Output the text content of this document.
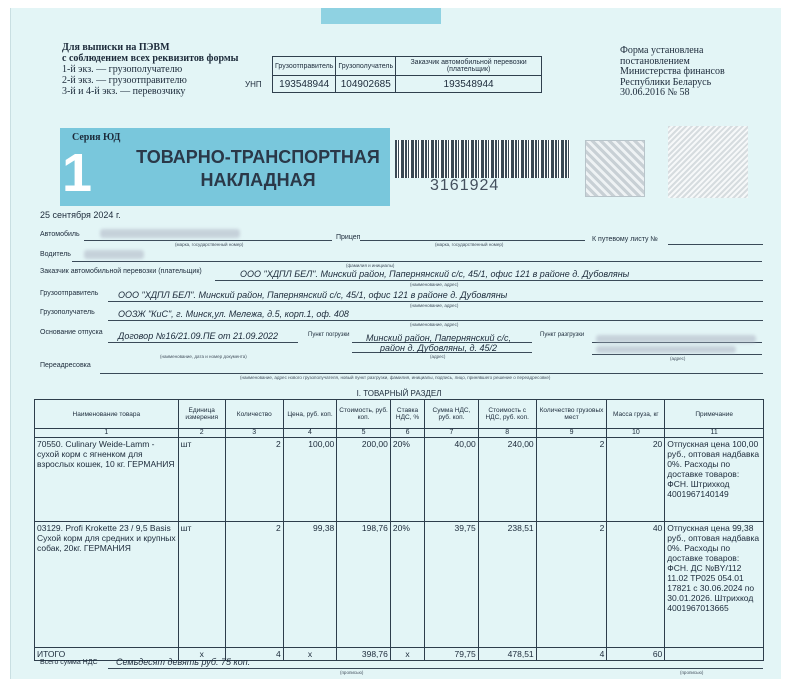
Для выписки на ПЭВМ
с соблюдением всех реквизитов формы
1-й экз. — грузополучателю
2-й экз. — грузоотправителю
3-й и 4-й экз. — перевозчику
УНП
Грузоотправитель	Грузополучатель	Заказчик автомобильной перевозки (плательщик)
193548944	104902685	193548944
Форма установлена
постановлением
Министерства финансов
Республики Беларусь
30.06.2016 № 58
Серия ЮД
1	ТОВАРНО-ТРАНСПОРТНАЯ
НАКЛАДНАЯ	3161924
25 сентября 2024 г.
Автомобиль
(марка, государственный номер)
Прицеп
(марка, государственный номер)
К путевому листу №
Водитель
(фамилия и инициалы)
Заказчик автомобильной перевозки (плательщик)	ООО "ХДПЛ БЕЛ". Минский район, Папернянский с/с, 45/1, офис 121 в районе д. Дубовляны
(наименование, адрес)
Грузоотправитель ООО "ХДПЛ БЕЛ". Минский район, Папернянский с/с, 45/1, офис 121 в районе д. Дубовляны
(наименование, адрес)
Грузополучатель	ООЗЖ "КиС", г. Минск,ул. Мележа, д.5, корп.1, оф. 408
(наименование, адрес)
Основание отпуска Договор №16/21.09.ПЕ от 21.09.2022
(наименование, дата и номер документа)
Пункт погрузки Минский район, Папернянский с/с,
район д. Дубовляны, д. 45/2
(адрес)
Пункт разгрузки
(адрес)
Переадресовка
(наименование, адрес нового грузополучателя, новый пункт разгрузки, фамилия, инициалы, подпись, лицо, принявшего решение о переадресовке)
I. ТОВАРНЫЙ РАЗДЕЛ
Наименование товара	Единица измерения	Количество	Цена, руб. коп.	Стоимость, руб. коп.	Ставка НДС, %	Сумма НДС, руб. коп.	Стоимость с НДС, руб. коп.	Количество грузовых мест	Масса груза, кг	Примечание
1	2	3	4	5	6	7	8	9	10	11
70550. Culinary Weide-Lamm - сухой корм с ягненком для взрослых кошек, 10 кг. ГЕРМАНИЯ	шт	2	100,00	200,00	20%	40,00	240,00	2	20	Отпускная цена 100,00 руб., оптовая надбавка 0%. Расходы по доставке товаров: ФСН. Штрихкод 4001967140149
03129. Profi Krokette 23 / 9,5 Basis Сухой корм для средних и крупных собак, 20кг. ГЕРМАНИЯ	шт	2	99,38	198,76	20%	39,75	238,51	2	40	Отпускная цена 99,38 руб., оптовая надбавка 0%. Расходы по доставке товаров: ФСН. ДС №BY/112 11.02 ТР025 054.01 17821 с 30.06.2024 по 30.01.2026. Штрихкод 4001967013665
ИТОГО	x	4	x	398,76	x	79,75	478,51	4	60	
Всего сумма НДС Семьдесят девять руб. 75 коп.
(прописью)	(прописью)
